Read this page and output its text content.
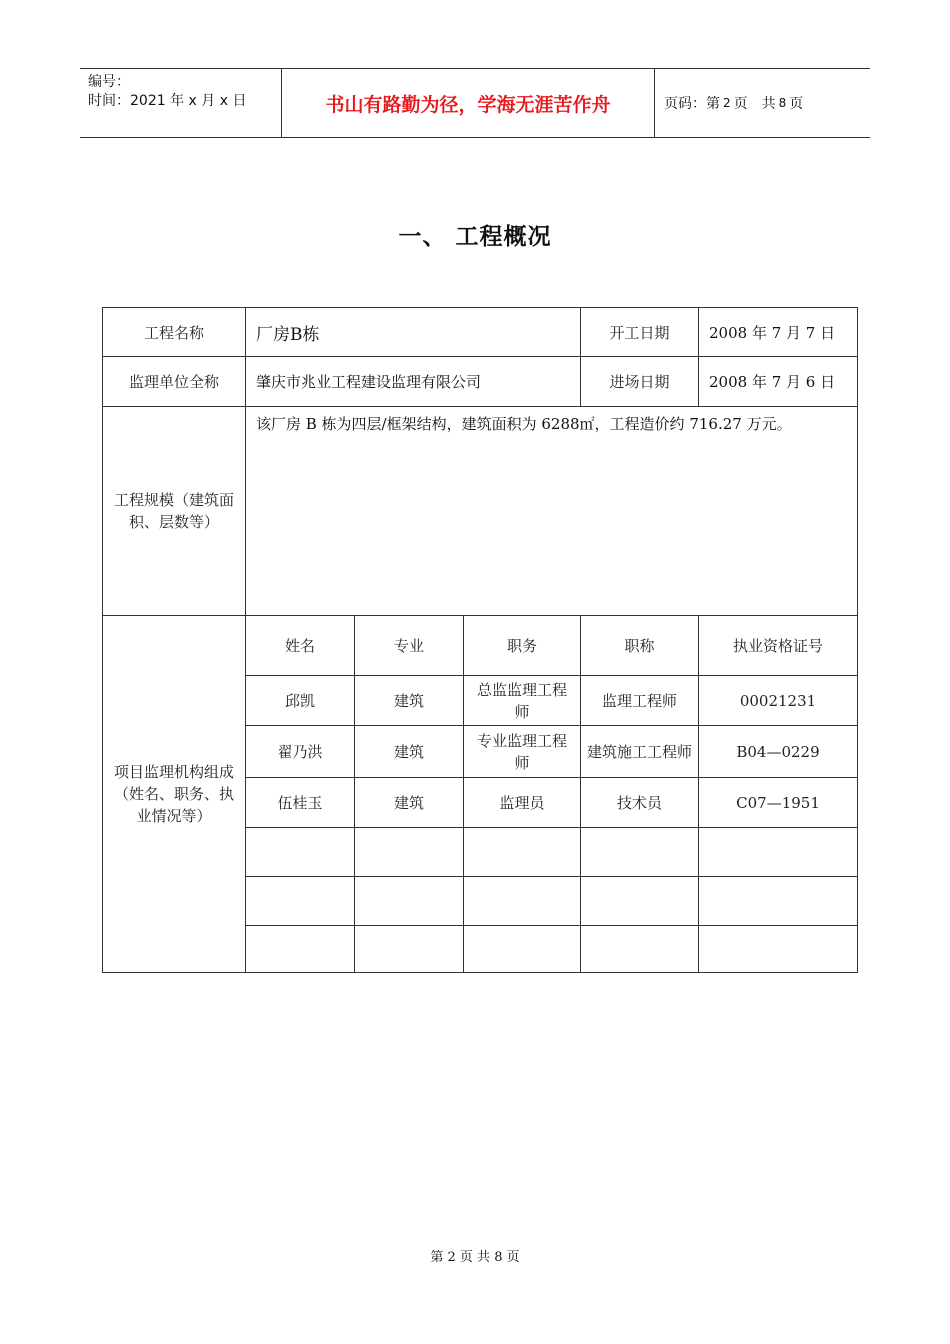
编号：
时间：2021 年 x 月 x 日	书山有路勤为径，学海无涯苦作舟	页码：第 2 页　共 8 页
一、 工程概况
工程名称	厂房B栋			开工日期	2008 年 7 月 7 日
监理单位全称	肇庆市兆业工程建设监理有限公司			进场日期	2008 年 7 月 6 日
工程规模（建筑面积、层数等）	该厂房 B 栋为四层/框架结构，建筑面积为 6288㎡，工程造价约 716.27 万元。				
项目监理机构组成（姓名、职务、执业情况等）	姓名	专业	职务	职称	执业资格证号
	邱凯	建筑	总监监理工程师	监理工程师	00021231
	翟乃洪	建筑	专业监理工程师	建筑施工工程师	B04—0229
	伍桂玉	建筑	监理员	技术员	C07—1951

第 2 页 共 8 页
